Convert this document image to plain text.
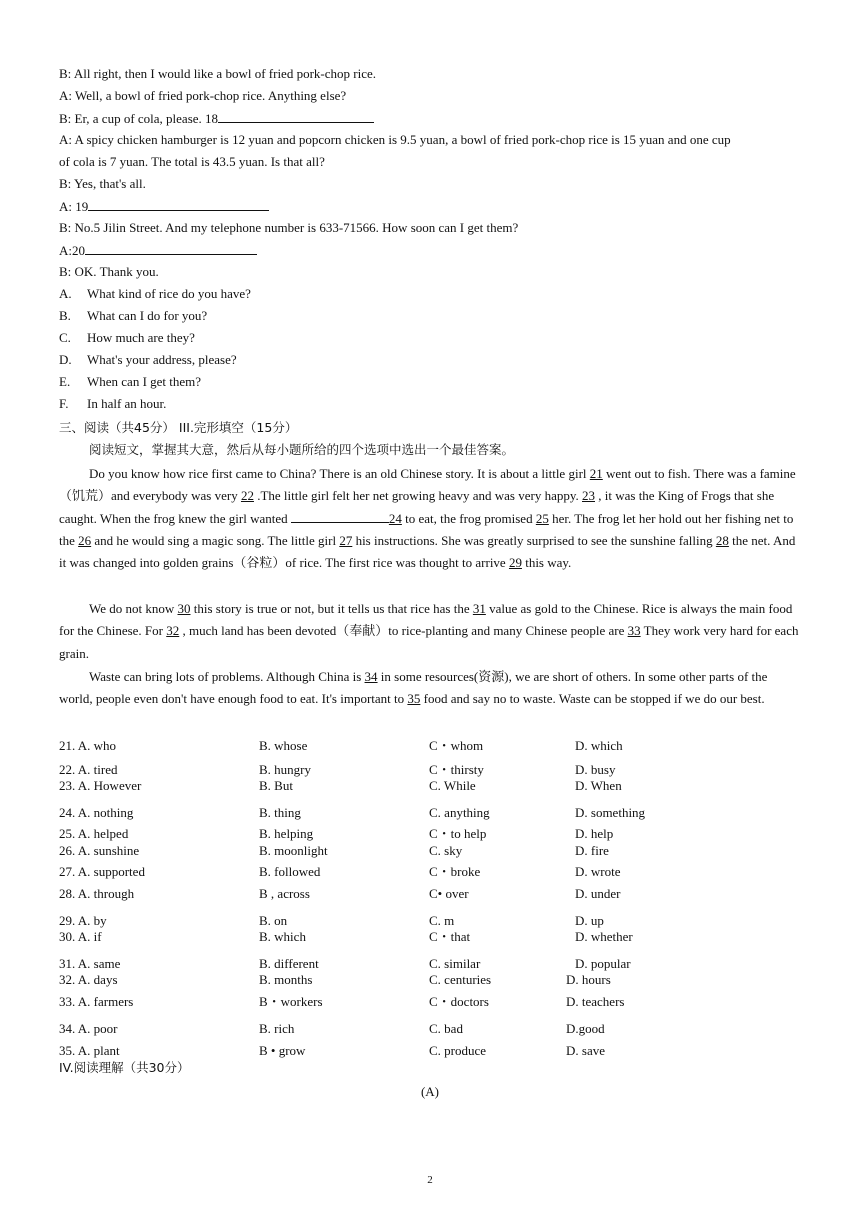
B: All right, then I would like a bowl of fried pork-chop rice.
A: Well, a bowl of fried pork-chop rice. Anything else?
B: Er, a cup of cola, please. 18
A: A spicy chicken hamburger is 12 yuan and popcorn chicken is 9.5 yuan, a bowl of fried pork-chop rice is 15 yuan and one cup
of cola is 7 yuan. The total is 43.5 yuan. Is that all?
B: Yes, that's all.
A: 19
B: No.5 Jilin Street. And my telephone number is 633-71566. How soon can I get them?
A:20
B: OK. Thank you.
A. What kind of rice do you have?
B. What can I do for you?
C. How much are they?
D. What's your address, please?
E. When can I get them?
F. In half an hour.
三、阅读（共45分） III.完形填空（15分）
阅读短文，掌握其大意，然后从每小题所给的四个选项中选出一个最佳答案。
Do you know how rice first came to China? There is an old Chinese story. It is about a little girl 21 went out to fish. There was a famine（饥荒）and everybody was very 22 .The little girl felt her net growing heavy and was very happy. 23 , it was the King of Frogs that she caught. When the frog knew the girl wanted	24 to eat, the frog promised 25 her. The frog let her hold out her fishing net to the 26 and he would sing a magic song. The little girl 27 his instructions. She was greatly surprised to see the sunshine falling 28 the net. And it was changed into golden grains（谷粒）of rice. The first rice was thought to arrive 29 this way.
We do not know 30 this story is true or not, but it tells us that rice has the 31 value as gold to the Chinese. Rice is always the main food for the Chinese. For 32 , much land has been devoted（奉献）to rice-planting and many Chinese people are 33 They work very hard for each grain.
Waste can bring lots of problems. Although China is 34 in some resources(资源), we are short of others. In some other parts of the world, people even don't have enough food to eat. It's important to 35 food and say no to waste. Waste can be stopped if we do our best.
21. A. who	B. whose	C・whom	D. which
22. A. tired	B. hungry	C・thirsty	D. busy
23. A. However	B. But	C. While	D. When
24. A. nothing	B. thing	C. anything	D. something
25. A. helped	B. helping	C・to help	D. help
26. A. sunshine	B. moonlight	C. sky	D. fire
27. A. supported	B. followed	C・broke	D. wrote
28. A. through	B , across	C• over	D. under
29. A. by	B. on	C. m	D. up
30. A. if	B. which	C・that	D. whether
31. A. same	B. different	C. similar	D. popular
32. A. days	B. months	C. centuries	D. hours
33. A. farmers	B・workers	C・doctors	D. teachers
34. A. poor	B. rich	C. bad	D.good
35. A. plant	B • grow	C. produce	D. save
IV.阅读理解（共30分）
(A)
2
